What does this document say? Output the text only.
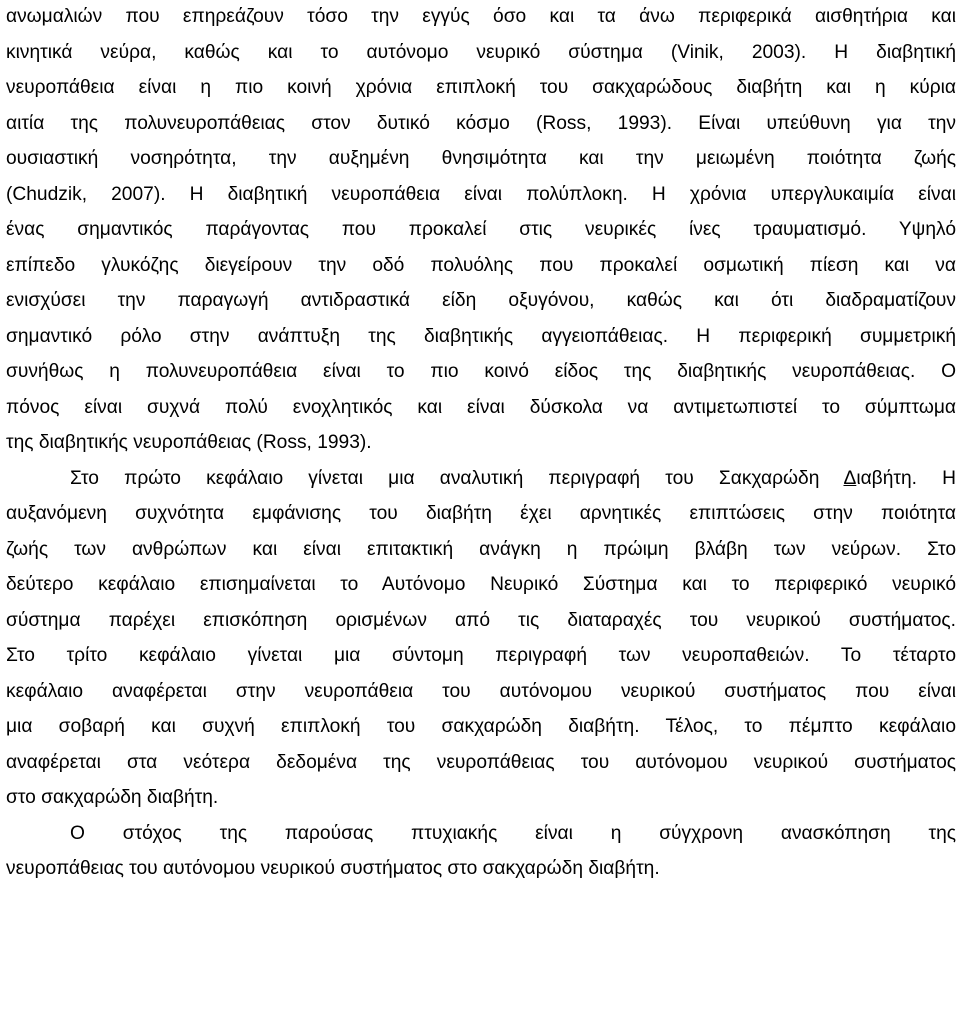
ανωμαλιών που επηρεάζουν τόσο την εγγύς όσο και τα άνω περιφερικά αισθητήρια και
κινητικά νεύρα, καθώς και το αυτόνομο νευρικό σύστημα (Vinik, 2003). Η διαβητική
νευροπάθεια είναι η πιο κοινή χρόνια επιπλοκή του σακχαρώδους διαβήτη και η κύρια
αιτία της πολυνευροπάθειας στον δυτικό κόσμο (Ross, 1993). Είναι υπεύθυνη για την
ουσιαστική νοσηρότητα, την αυξημένη θνησιμότητα και την μειωμένη ποιότητα ζωής
(Chudzik, 2007). Η διαβητική νευροπάθεια είναι πολύπλοκη. Η χρόνια υπεργλυκαιμία είναι
ένας σημαντικός παράγοντας που προκαλεί στις νευρικές ίνες τραυματισμό. Υψηλό
επίπεδο γλυκόζης διεγείρουν την οδό πολυόλης που προκαλεί οσμωτική πίεση και να
ενισχύσει την παραγωγή αντιδραστικά είδη οξυγόνου, καθώς και ότι διαδραματίζουν
σημαντικό ρόλο στην ανάπτυξη της διαβητικής αγγειοπάθειας. Η περιφερική συμμετρική
συνήθως η πολυνευροπάθεια είναι το πιο κοινό είδος της διαβητικής νευροπάθειας. Ο
πόνος είναι συχνά πολύ ενοχλητικός και είναι δύσκολα να αντιμετωπιστεί το σύμπτωμα
της διαβητικής νευροπάθειας (Ross, 1993).
Στο πρώτο κεφάλαιο γίνεται μια αναλυτική περιγραφή του Σακχαρώδη Διαβήτη. Η
αυξανόμενη συχνότητα εμφάνισης του διαβήτη έχει αρνητικές επιπτώσεις στην ποιότητα
ζωής των ανθρώπων και είναι επιτακτική ανάγκη η πρώιμη βλάβη των νεύρων. Στο
δεύτερο κεφάλαιο επισημαίνεται το Αυτόνομο Νευρικό Σύστημα και το περιφερικό νευρικό
σύστημα παρέχει επισκόπηση ορισμένων από τις διαταραχές του νευρικού συστήματος.
Στο τρίτο κεφάλαιο γίνεται μια σύντομη περιγραφή των νευροπαθειών. Το τέταρτο
κεφάλαιο αναφέρεται στην νευροπάθεια του αυτόνομου νευρικού συστήματος που είναι
μια σοβαρή και συχνή επιπλοκή του σακχαρώδη διαβήτη. Τέλος, το πέμπτο κεφάλαιο
αναφέρεται στα νεότερα δεδομένα της νευροπάθειας του αυτόνομου νευρικού συστήματος
στο σακχαρώδη διαβήτη.
Ο στόχος της παρούσας πτυχιακής είναι η σύγχρονη ανασκόπηση της
νευροπάθειας του αυτόνομου νευρικού συστήματος στο σακχαρώδη διαβήτη.
